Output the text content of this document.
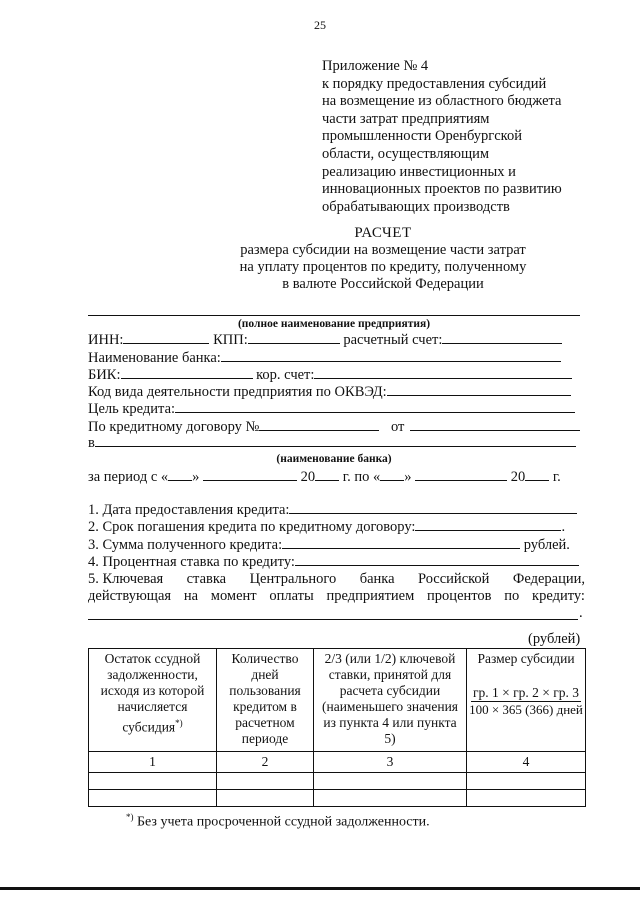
25
Приложение № 4
к порядку предоставления субсидий
на возмещение из областного бюджета
части затрат предприятиям
промышленности Оренбургской
области, осуществляющим
реализацию инвестиционных и
инновационных проектов по развитию
обрабатывающих производств
РАСЧЕТ
размера субсидии на возмещение части затрат
на уплату процентов по кредиту, полученному
в валюте Российской Федерации
(полное наименование предприятия)
ИНН:	КПП:	расчетный счет:
Наименование банка:
БИК:	кор. счет:
Код вида деятельности предприятия по ОКВЭД:
Цель кредита:
По кредитному договору №	от
в
(наименование банка)
за период с « »	20 г. по « »	20 г.
1. Дата предоставления кредита:
2. Срок погашения кредита по кредитному договору:	.
3. Сумма полученного кредита:	рублей.
4. Процентная ставка по кредиту:
5. Ключевая ставка Центрального банка Российской Федерации,
действующая на момент оплаты предприятием процентов по кредиту:
.
(рублей)
Остаток ссудной задолженности, исходя из которой начисляется субсидия*)	Количество дней пользования кредитом в расчетном периоде	2/3 (или 1/2) ключевой ставки, принятой для расчета субсидии (наименьшего значения из пункта 4 или пункта 5)	Размер субсидии
гр. 1 × гр. 2 × гр. 3
100 × 365 (366) дней

1	2	3	4

*) Без учета просроченной ссудной задолженности.
